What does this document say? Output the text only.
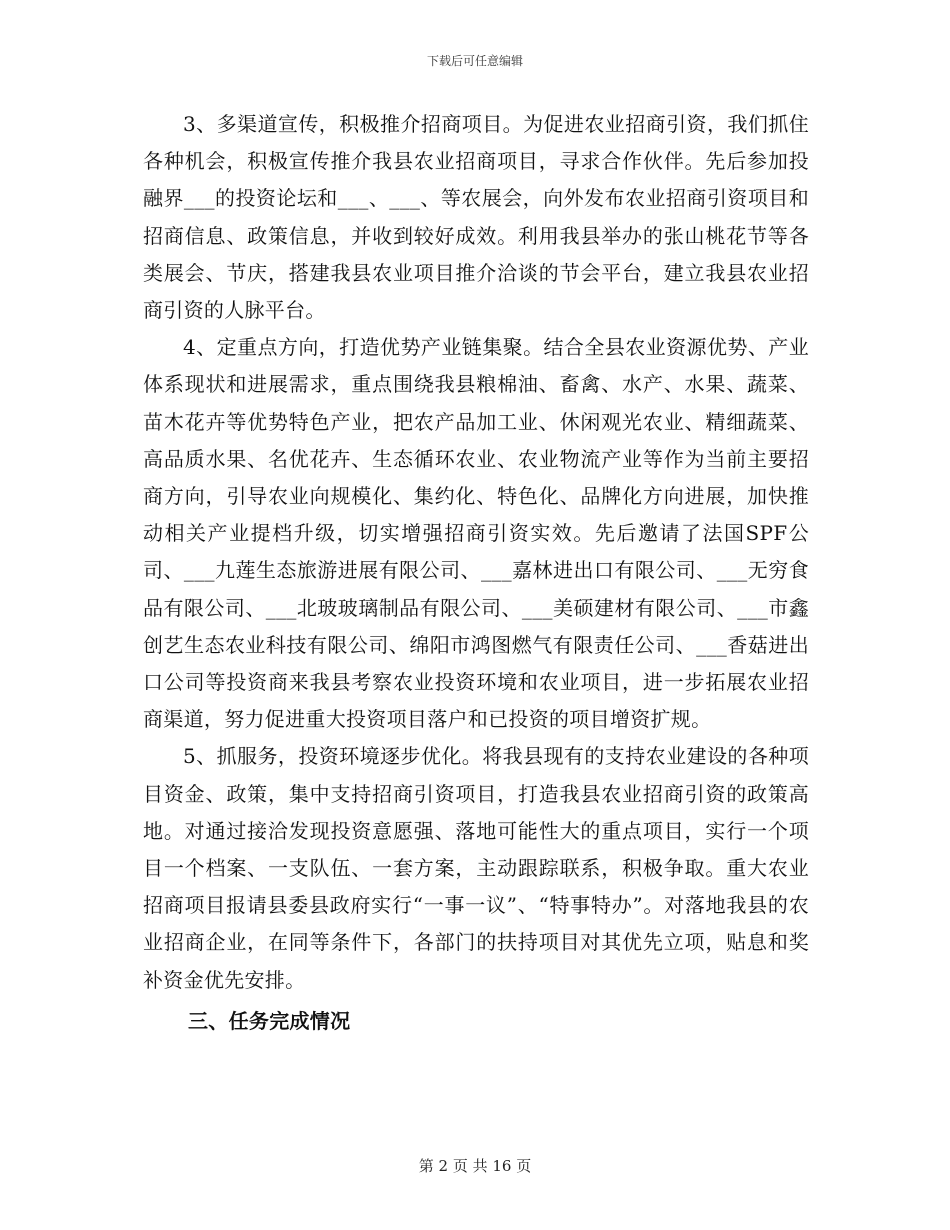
下载后可任意编辑

3、多渠道宣传，积极推介招商项目。为促进农业招商引资，我们抓住各种机会，积极宣传推介我县农业招商项目，寻求合作伙伴。先后参加投融界___的投资论坛和___、___、等农展会，向外发布农业招商引资项目和招商信息、政策信息，并收到较好成效。利用我县举办的张山桃花节等各类展会、节庆，搭建我县农业项目推介洽谈的节会平台，建立我县农业招商引资的人脉平台。

4、定重点方向，打造优势产业链集聚。结合全县农业资源优势、产业体系现状和进展需求，重点围绕我县粮棉油、畜禽、水产、水果、蔬菜、苗木花卉等优势特色产业，把农产品加工业、休闲观光农业、精细蔬菜、高品质水果、名优花卉、生态循环农业、农业物流产业等作为当前主要招商方向，引导农业向规模化、集约化、特色化、品牌化方向进展，加快推动相关产业提档升级，切实增强招商引资实效。先后邀请了法国SPF公司、___九莲生态旅游进展有限公司、___嘉林进出口有限公司、___无穷食品有限公司、___北玻玻璃制品有限公司、___美硕建材有限公司、___市鑫创艺生态农业科技有限公司、绵阳市鸿图燃气有限责任公司、___香菇进出口公司等投资商来我县考察农业投资环境和农业项目，进一步拓展农业招商渠道，努力促进重大投资项目落户和已投资的项目增资扩规。

5、抓服务，投资环境逐步优化。将我县现有的支持农业建设的各种项目资金、政策，集中支持招商引资项目，打造我县农业招商引资的政策高地。对通过接洽发现投资意愿强、落地可能性大的重点项目，实行一个项目一个档案、一支队伍、一套方案，主动跟踪联系，积极争取。重大农业招商项目报请县委县政府实行“一事一议”、“特事特办”。对落地我县的农业招商企业，在同等条件下，各部门的扶持项目对其优先立项，贴息和奖补资金优先安排。

三、任务完成情况

第 2 页 共 16 页
